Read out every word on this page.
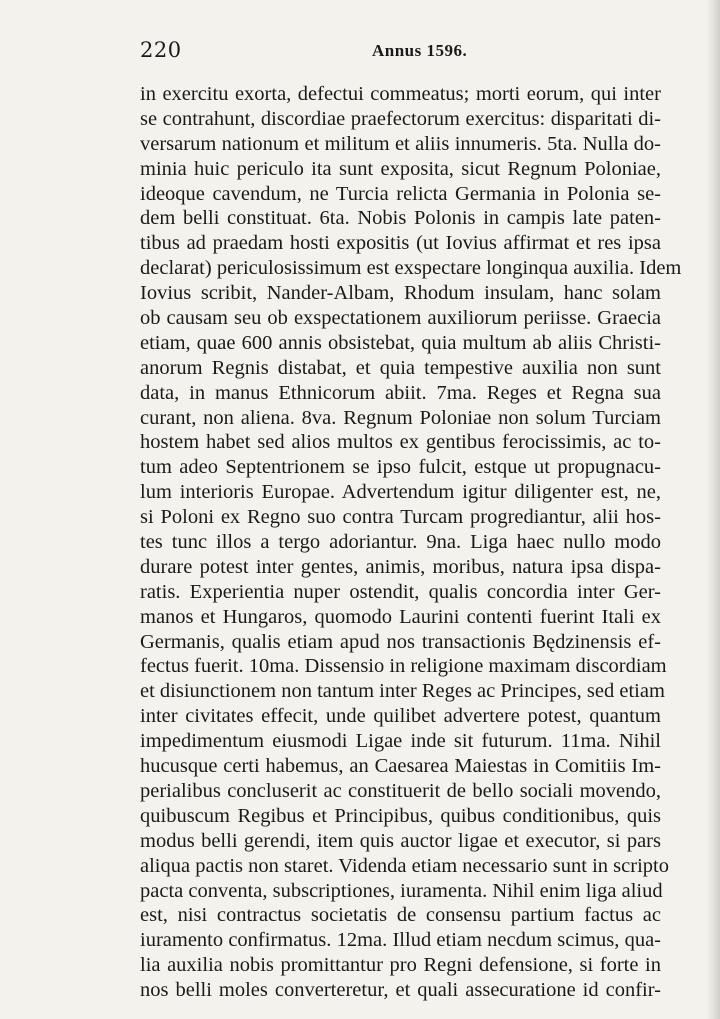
220	Annus 1596.
in exercitu exorta, defectui commeatus; morti eorum, qui inter
se contrahunt, discordiae praefectorum exercitus: disparitati di-
versarum nationum et militum et aliis innumeris. 5ta. Nulla do-
minia huic periculo ita sunt exposita, sicut Regnum Poloniae,
ideoque cavendum, ne Turcia relicta Germania in Polonia se-
dem belli constituat. 6ta. Nobis Polonis in campis late paten-
tibus ad praedam hosti expositis (ut Iovius affirmat et res ipsa
declarat) periculosissimum est exspectare longinqua auxilia. Idem
Iovius scribit, Nander-Albam, Rhodum insulam, hanc solam
ob causam seu ob exspectationem auxiliorum periisse. Graecia
etiam, quae 600 annis obsistebat, quia multum ab aliis Christi-
anorum Regnis distabat, et quia tempestive auxilia non sunt
data, in manus Ethnicorum abiit. 7ma. Reges et Regna sua
curant, non aliena. 8va. Regnum Poloniae non solum Turciam
hostem habet sed alios multos ex gentibus ferocissimis, ac to-
tum adeo Septentrionem se ipso fulcit, estque ut propugnacu-
lum interioris Europae. Advertendum igitur diligenter est, ne,
si Poloni ex Regno suo contra Turcam progrediantur, alii hos-
tes tunc illos a tergo adoriantur. 9na. Liga haec nullo modo
durare potest inter gentes, animis, moribus, natura ipsa dispa-
ratis. Experientia nuper ostendit, qualis concordia inter Ger-
manos et Hungaros, quomodo Laurini contenti fuerint Itali ex
Germanis, qualis etiam apud nos transactionis Będzinensis ef-
fectus fuerit. 10ma. Dissensio in religione maximam discordiam
et disiunctionem non tantum inter Reges ac Principes, sed etiam
inter civitates effecit, unde quilibet advertere potest, quantum
impedimentum eiusmodi Ligae inde sit futurum. 11ma. Nihil
hucusque certi habemus, an Caesarea Maiestas in Comitiis Im-
perialibus concluserit ac constituerit de bello sociali movendo,
quibuscum Regibus et Principibus, quibus conditionibus, quis
modus belli gerendi, item quis auctor ligae et executor, si pars
aliqua pactis non staret. Videnda etiam necessario sunt in scripto
pacta conventa, subscriptiones, iuramenta. Nihil enim liga aliud
est, nisi contractus societatis de consensu partium factus ac
iuramento confirmatus. 12ma. Illud etiam necdum scimus, qua-
lia auxilia nobis promittantur pro Regni defensione, si forte in
nos belli moles converteretur, et quali assecuratione id confir-
